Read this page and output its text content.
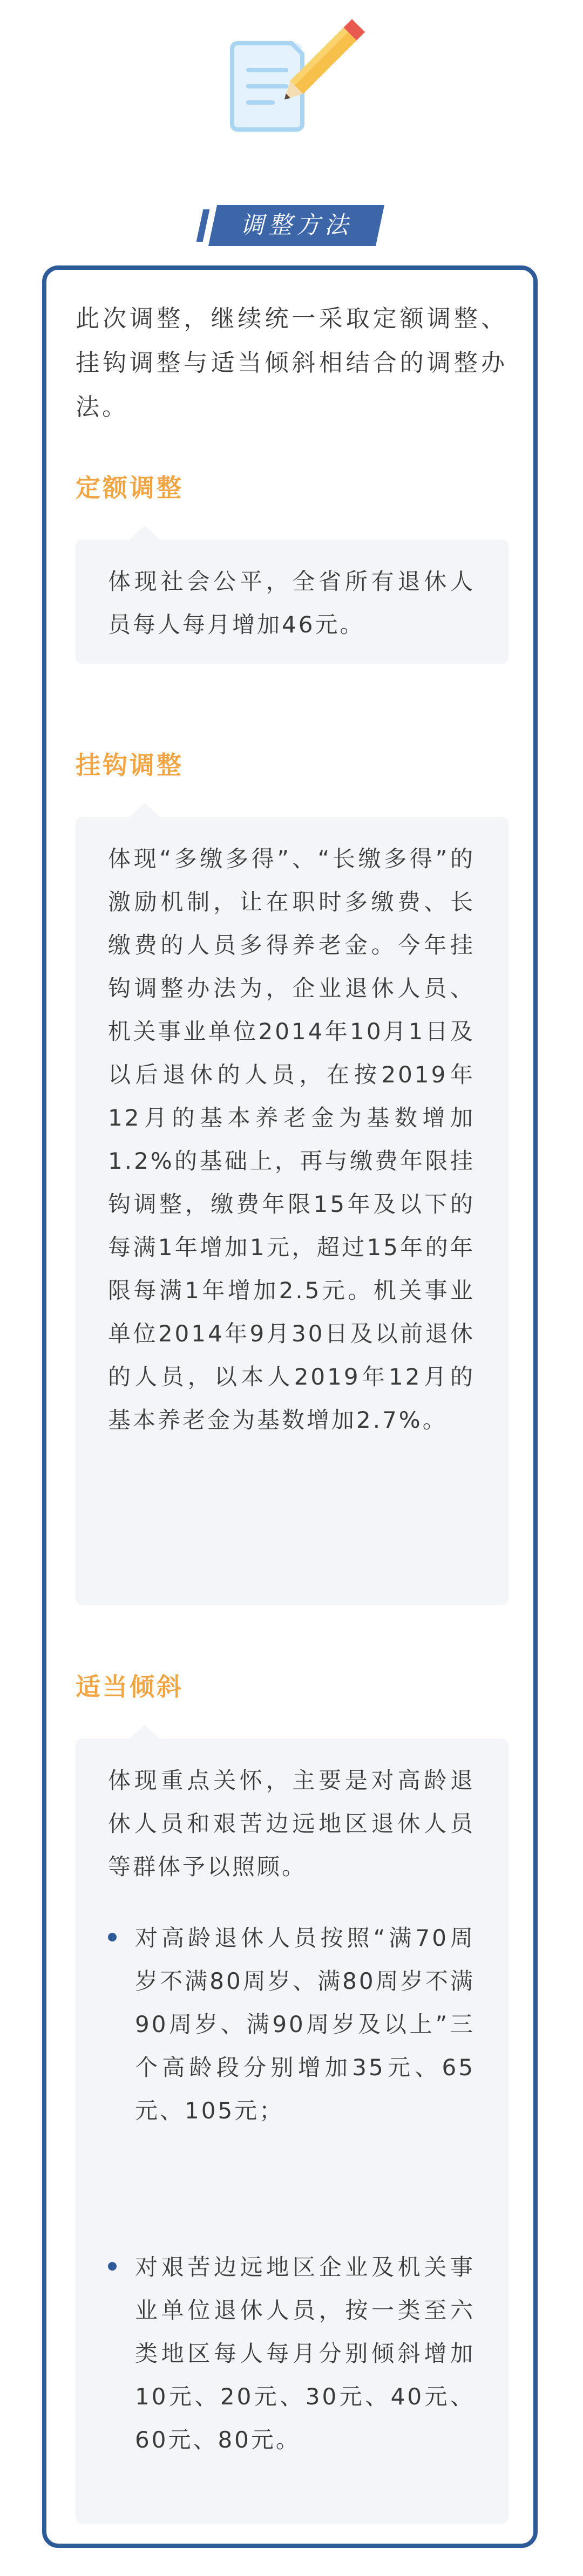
调整方法
此次调整，继续统一采取定额调整、挂钩调整与适当倾斜相结合的调整办法。
定额调整
体现社会公平，全省所有退休人员每人每月增加46元。
挂钩调整
体现“多缴多得”、“长缴多得”的激励机制，让在职时多缴费、长缴费的人员多得养老金。今年挂钩调整办法为，企业退休人员、机关事业单位2014年10月1日及以后退休的人员，在按2019年12月的基本养老金为基数增加1.2%的基础上，再与缴费年限挂钩调整，缴费年限15年及以下的每满1年增加1元，超过15年的年限每满1年增加2.5元。机关事业单位2014年9月30日及以前退休的人员，以本人2019年12月的基本养老金为基数增加2.7%。
适当倾斜
体现重点关怀，主要是对高龄退休人员和艰苦边远地区退休人员等群体予以照顾。
对高龄退休人员按照“满70周岁不满80周岁、满80周岁不满90周岁、满90周岁及以上”三个高龄段分别增加35元、65元、105元；
对艰苦边远地区企业及机关事业单位退休人员，按一类至六类地区每人每月分别倾斜增加10元、20元、30元、40元、60元、80元。
